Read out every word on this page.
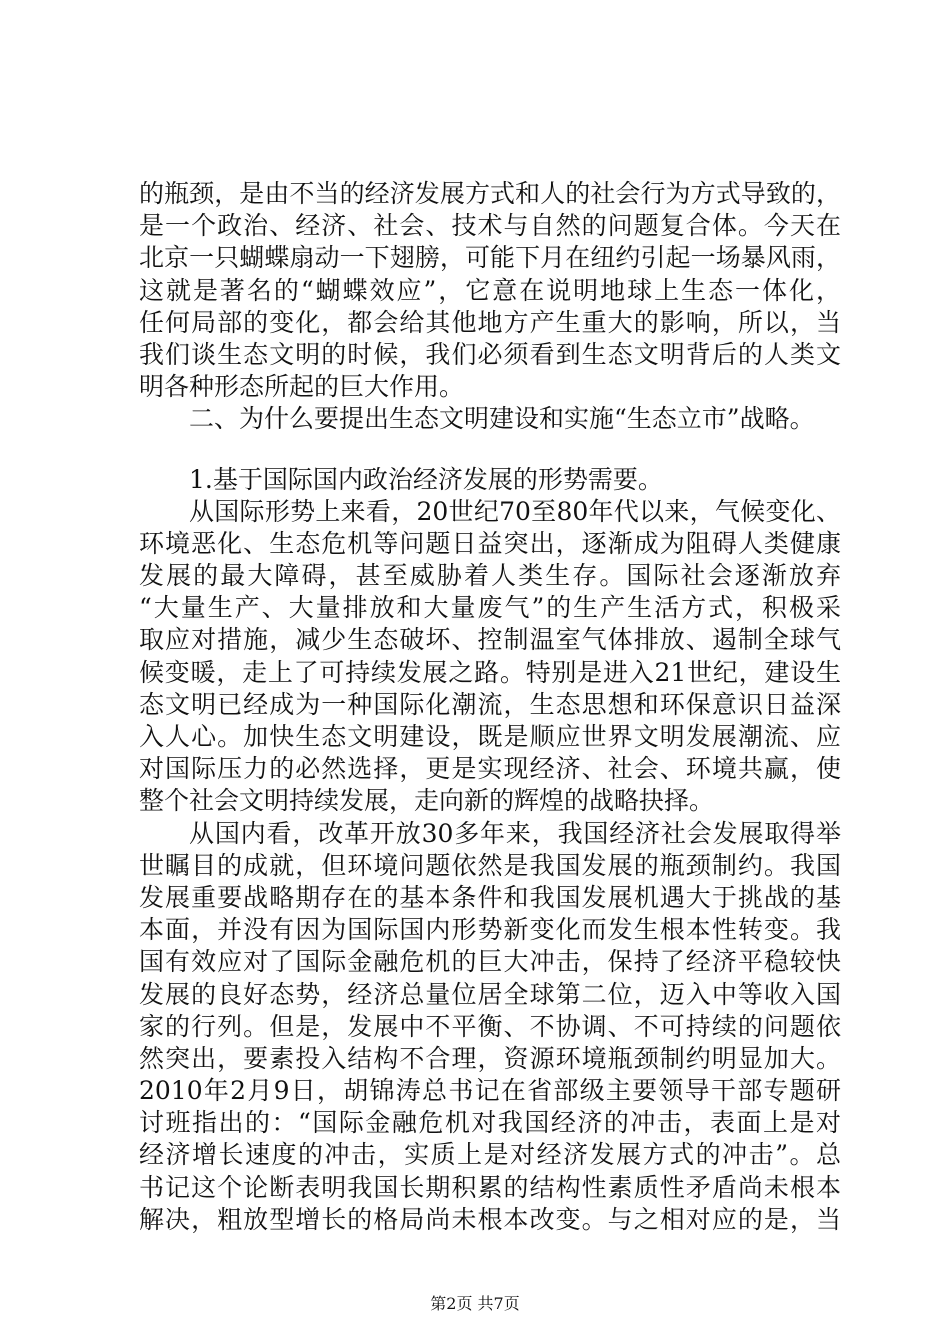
的瓶颈，是由不当的经济发展方式和人的社会行为方式导致的，
是一个政治、经济、社会、技术与自然的问题复合体。今天在
北京一只蝴蝶扇动一下翅膀，可能下月在纽约引起一场暴风雨，
这就是著名的“蝴蝶效应”，它意在说明地球上生态一体化，
任何局部的变化，都会给其他地方产生重大的影响，所以，当
我们谈生态文明的时候，我们必须看到生态文明背后的人类文
明各种形态所起的巨大作用。
二、为什么要提出生态文明建设和实施“生态立市”战略。
1.基于国际国内政治经济发展的形势需要。
从国际形势上来看，20世纪70至80年代以来，气候变化、
环境恶化、生态危机等问题日益突出，逐渐成为阻碍人类健康
发展的最大障碍，甚至威胁着人类生存。国际社会逐渐放弃
“大量生产、大量排放和大量废气”的生产生活方式，积极采
取应对措施，减少生态破坏、控制温室气体排放、遏制全球气
候变暖，走上了可持续发展之路。特别是进入21世纪，建设生
态文明已经成为一种国际化潮流，生态思想和环保意识日益深
入人心。加快生态文明建设，既是顺应世界文明发展潮流、应
对国际压力的必然选择，更是实现经济、社会、环境共赢，使
整个社会文明持续发展，走向新的辉煌的战略抉择。
从国内看，改革开放30多年来，我国经济社会发展取得举
世瞩目的成就，但环境问题依然是我国发展的瓶颈制约。我国
发展重要战略期存在的基本条件和我国发展机遇大于挑战的基
本面，并没有因为国际国内形势新变化而发生根本性转变。我
国有效应对了国际金融危机的巨大冲击，保持了经济平稳较快
发展的良好态势，经济总量位居全球第二位，迈入中等收入国
家的行列。但是，发展中不平衡、不协调、不可持续的问题依
然突出，要素投入结构不合理，资源环境瓶颈制约明显加大。
2010年2月9日，胡锦涛总书记在省部级主要领导干部专题研
讨班指出的：“国际金融危机对我国经济的冲击，表面上是对
经济增长速度的冲击，实质上是对经济发展方式的冲击”。总
书记这个论断表明我国长期积累的结构性素质性矛盾尚未根本
解决，粗放型增长的格局尚未根本改变。与之相对应的是，当
第2页 共7页
